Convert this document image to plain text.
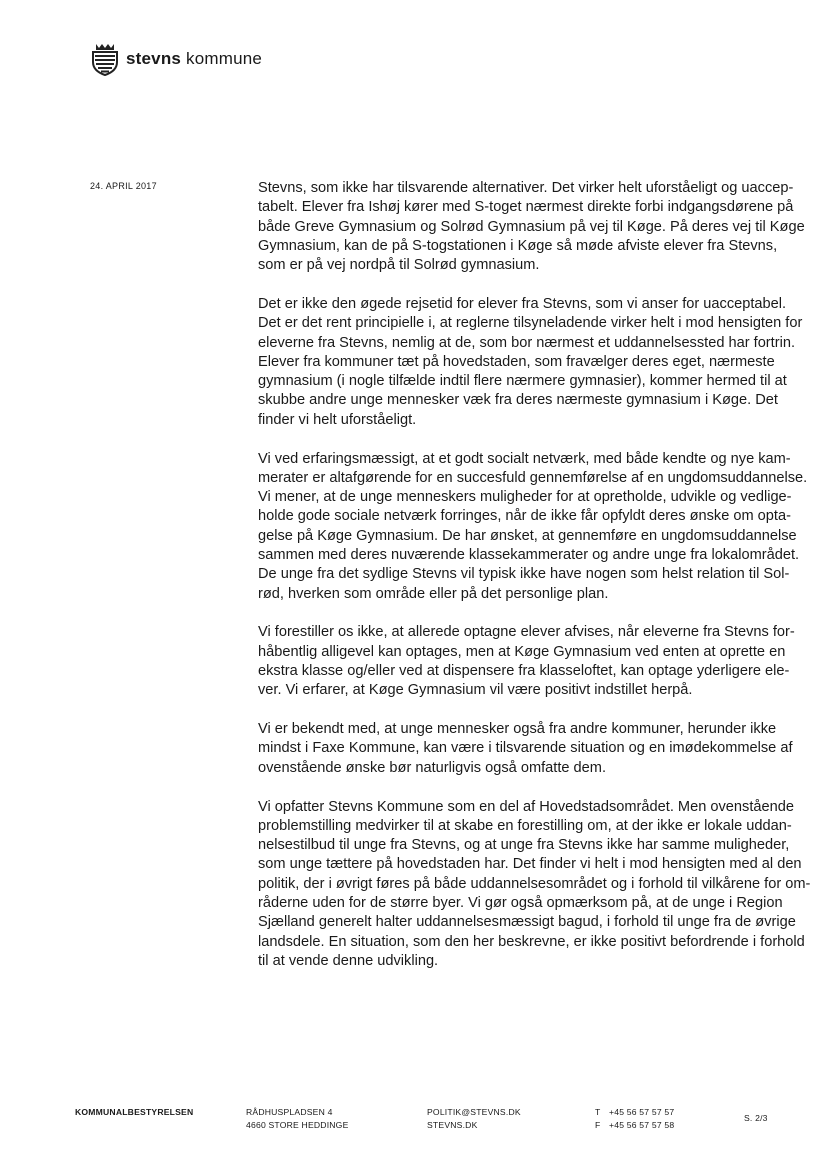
stevns kommune
24. APRIL 2017	Stevns, som ikke har tilsvarende alternativer. Det virker helt uforståeligt og uaccep-
tabelt. Elever fra Ishøj kører med S-toget nærmest direkte forbi indgangsdørene på
både Greve Gymnasium og Solrød Gymnasium på vej til Køge. På deres vej til Køge
Gymnasium, kan de på S-togstationen i Køge så møde afviste elever fra Stevns,
som er på vej nordpå til Solrød gymnasium.

Det er ikke den øgede rejsetid for elever fra Stevns, som vi anser for uacceptabel.
Det er det rent principielle i, at reglerne tilsyneladende virker helt i mod hensigten for
eleverne fra Stevns, nemlig at de, som bor nærmest et uddannelsessted har fortrin.
Elever fra kommuner tæt på hovedstaden, som fravælger deres eget, nærmeste
gymnasium (i nogle tilfælde indtil flere nærmere gymnasier), kommer hermed til at
skubbe andre unge mennesker væk fra deres nærmeste gymnasium i Køge. Det
finder vi helt uforståeligt.

Vi ved erfaringsmæssigt, at et godt socialt netværk, med både kendte og nye kam-
merater er altafgørende for en succesfuld gennemførelse af en ungdomsuddannelse.
Vi mener, at de unge menneskers muligheder for at opretholde, udvikle og vedlige-
holde gode sociale netværk forringes, når de ikke får opfyldt deres ønske om opta-
gelse på Køge Gymnasium. De har ønsket, at gennemføre en ungdomsuddannelse
sammen med deres nuværende klassekammerater og andre unge fra lokalområdet.
De unge fra det sydlige Stevns vil typisk ikke have nogen som helst relation til Sol-
rød, hverken som område eller på det personlige plan.

Vi forestiller os ikke, at allerede optagne elever afvises, når eleverne fra Stevns for-
håbentlig alligevel kan optages, men at Køge Gymnasium ved enten at oprette en
ekstra klasse og/eller ved at dispensere fra klasseloftet, kan optage yderligere ele-
ver. Vi erfarer, at Køge Gymnasium vil være positivt indstillet herpå.

Vi er bekendt med, at unge mennesker også fra andre kommuner, herunder ikke
mindst i Faxe Kommune, kan være i tilsvarende situation og en imødekommelse af
ovenstående ønske bør naturligvis også omfatte dem.

Vi opfatter Stevns Kommune som en del af Hovedstadsområdet. Men ovenstående
problemstilling medvirker til at skabe en forestilling om, at der ikke er lokale uddan-
nelsestilbud til unge fra Stevns, og at unge fra Stevns ikke har samme muligheder,
som unge tættere på hovedstaden har. Det finder vi helt i mod hensigten med al den
politik, der i øvrigt føres på både uddannelsesområdet og i forhold til vilkårene for om-
råderne uden for de større byer. Vi gør også opmærksom på, at de unge i Region
Sjælland generelt halter uddannelsesmæssigt bagud, i forhold til unge fra de øvrige
landsdele. En situation, som den her beskrevne, er ikke positivt befordrende i forhold
til at vende denne udvikling.

KOMMUNALBESTYRELSEN	RÅDHUSPLADSEN 4
4660 STORE HEDDINGE
POLITIK@STEVNS.DK
STEVNS.DK
T +45 56 57 57 57
F +45 56 57 57 58
S. 2/3
